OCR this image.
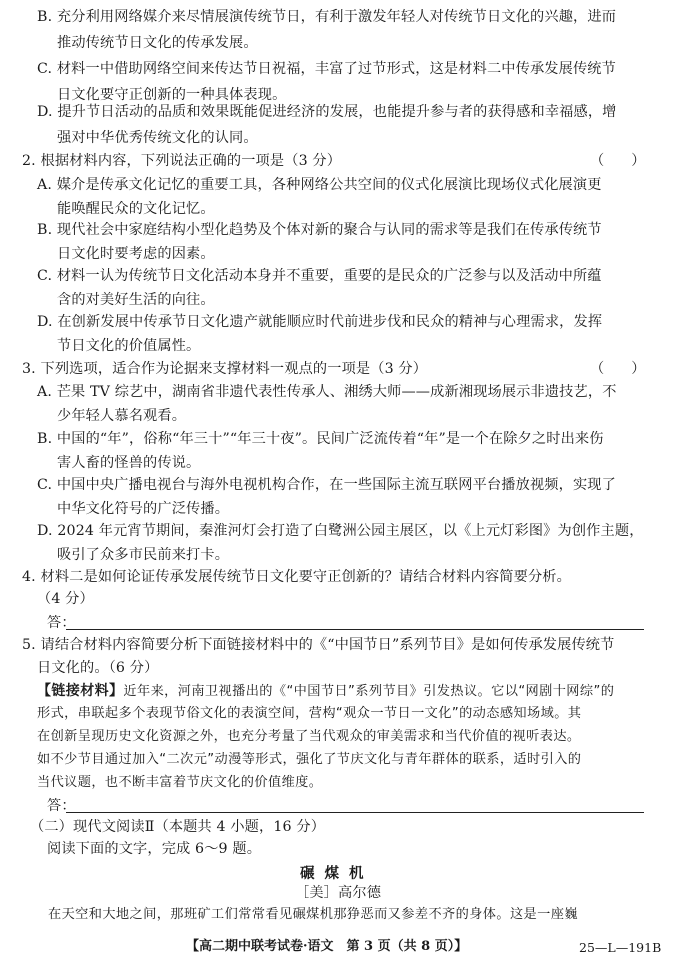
B. 充分利用网络媒介来尽情展演传统节日，有利于激发年轻人对传统节日文化的兴趣，进而
推动传统节日文化的传承发展。
C. 材料一中借助网络空间来传达节日祝福，丰富了过节形式，这是材料二中传承发展传统节
日文化要守正创新的一种具体表现。
D. 提升节日活动的品质和效果既能促进经济的发展，也能提升参与者的获得感和幸福感，增
强对中华优秀传统文化的认同。
2. 根据材料内容，下列说法正确的一项是（3 分）	（      ）
A. 媒介是传承文化记忆的重要工具，各种网络公共空间的仪式化展演比现场仪式化展演更
能唤醒民众的文化记忆。
B. 现代社会中家庭结构小型化趋势及个体对新的聚合与认同的需求等是我们在传承传统节
日文化时要考虑的因素。
C. 材料一认为传统节日文化活动本身并不重要，重要的是民众的广泛参与以及活动中所蕴
含的对美好生活的向往。
D. 在创新发展中传承节日文化遗产就能顺应时代前进步伐和民众的精神与心理需求，发挥
节日文化的价值属性。
3. 下列选项，适合作为论据来支撑材料一观点的一项是（3 分）	（      ）
A. 芒果 TV 综艺中，湖南省非遗代表性传承人、湘绣大师——成新湘现场展示非遗技艺，不
少年轻人慕名观看。
B. 中国的“年”，俗称“年三十”“年三十夜”。民间广泛流传着“年”是一个在除夕之时出来伤
害人畜的怪兽的传说。
C. 中国中央广播电视台与海外电视机构合作，在一些国际主流互联网平台播放视频，实现了
中华文化符号的广泛传播。
D. 2024 年元宵节期间，秦淮河灯会打造了白鹭洲公园主展区，以《上元灯彩图》为创作主题，
吸引了众多市民前来打卡。
4. 材料二是如何论证传承发展传统节日文化要守正创新的？请结合材料内容简要分析。
（4 分）
答：
5. 请结合材料内容简要分析下面链接材料中的《“中国节日”系列节目》是如何传承发展传统节
日文化的。（6 分）
【链接材料】近年来，河南卫视播出的《“中国节日”系列节目》引发热议。它以“网剧十网综”的
形式，串联起多个表现节俗文化的表演空间，营构“观众一节日一文化”的动态感知场域。其
在创新呈现历史文化资源之外，也充分考量了当代观众的审美需求和当代价值的视听表达。
如不少节目通过加入“二次元”动漫等形式，强化了节庆文化与青年群体的联系，适时引入的
当代议题，也不断丰富着节庆文化的价值维度。
答：
（二）现代文阅读Ⅱ（本题共 4 小题，16 分）
阅读下面的文字，完成 6～9 题。
碾煤机
［美］高尔德
在天空和大地之间，那班矿工们常常看见碾煤机那狰恶而又参差不齐的身体。这是一座巍
【高二期中联考试卷·语文　第 3 页（共 8 页）】	25—L—191B
